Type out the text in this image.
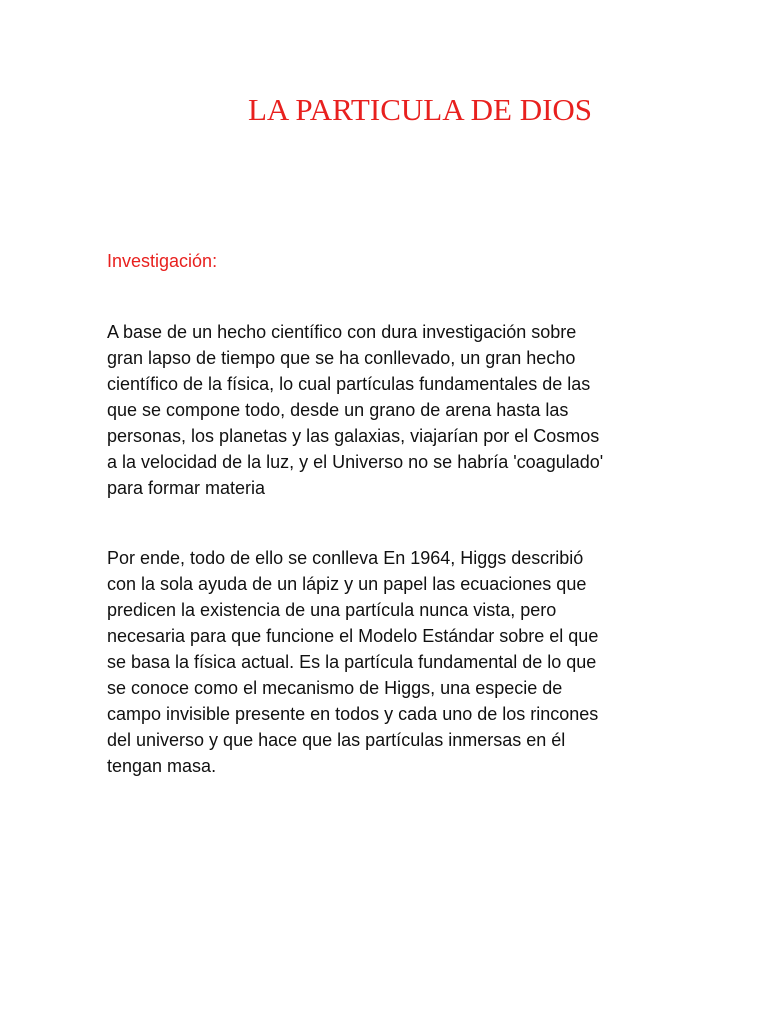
LA PARTICULA DE DIOS
Investigación:

A base de un hecho científico con dura investigación sobre
gran lapso de tiempo que se ha conllevado, un gran hecho
científico de la física, lo cual partículas fundamentales de las
que se compone todo, desde un grano de arena hasta las
personas, los planetas y las galaxias, viajarían por el Cosmos
a la velocidad de la luz, y el Universo no se habría 'coagulado'
para formar materia

Por ende, todo de ello se conlleva En 1964, Higgs describió
con la sola ayuda de un lápiz y un papel las ecuaciones que
predicen la existencia de una partícula nunca vista, pero
necesaria para que funcione el Modelo Estándar sobre el que
se basa la física actual. Es la partícula fundamental de lo que
se conoce como el mecanismo de Higgs, una especie de
campo invisible presente en todos y cada uno de los rincones
del universo y que hace que las partículas inmersas en él
tengan masa.
